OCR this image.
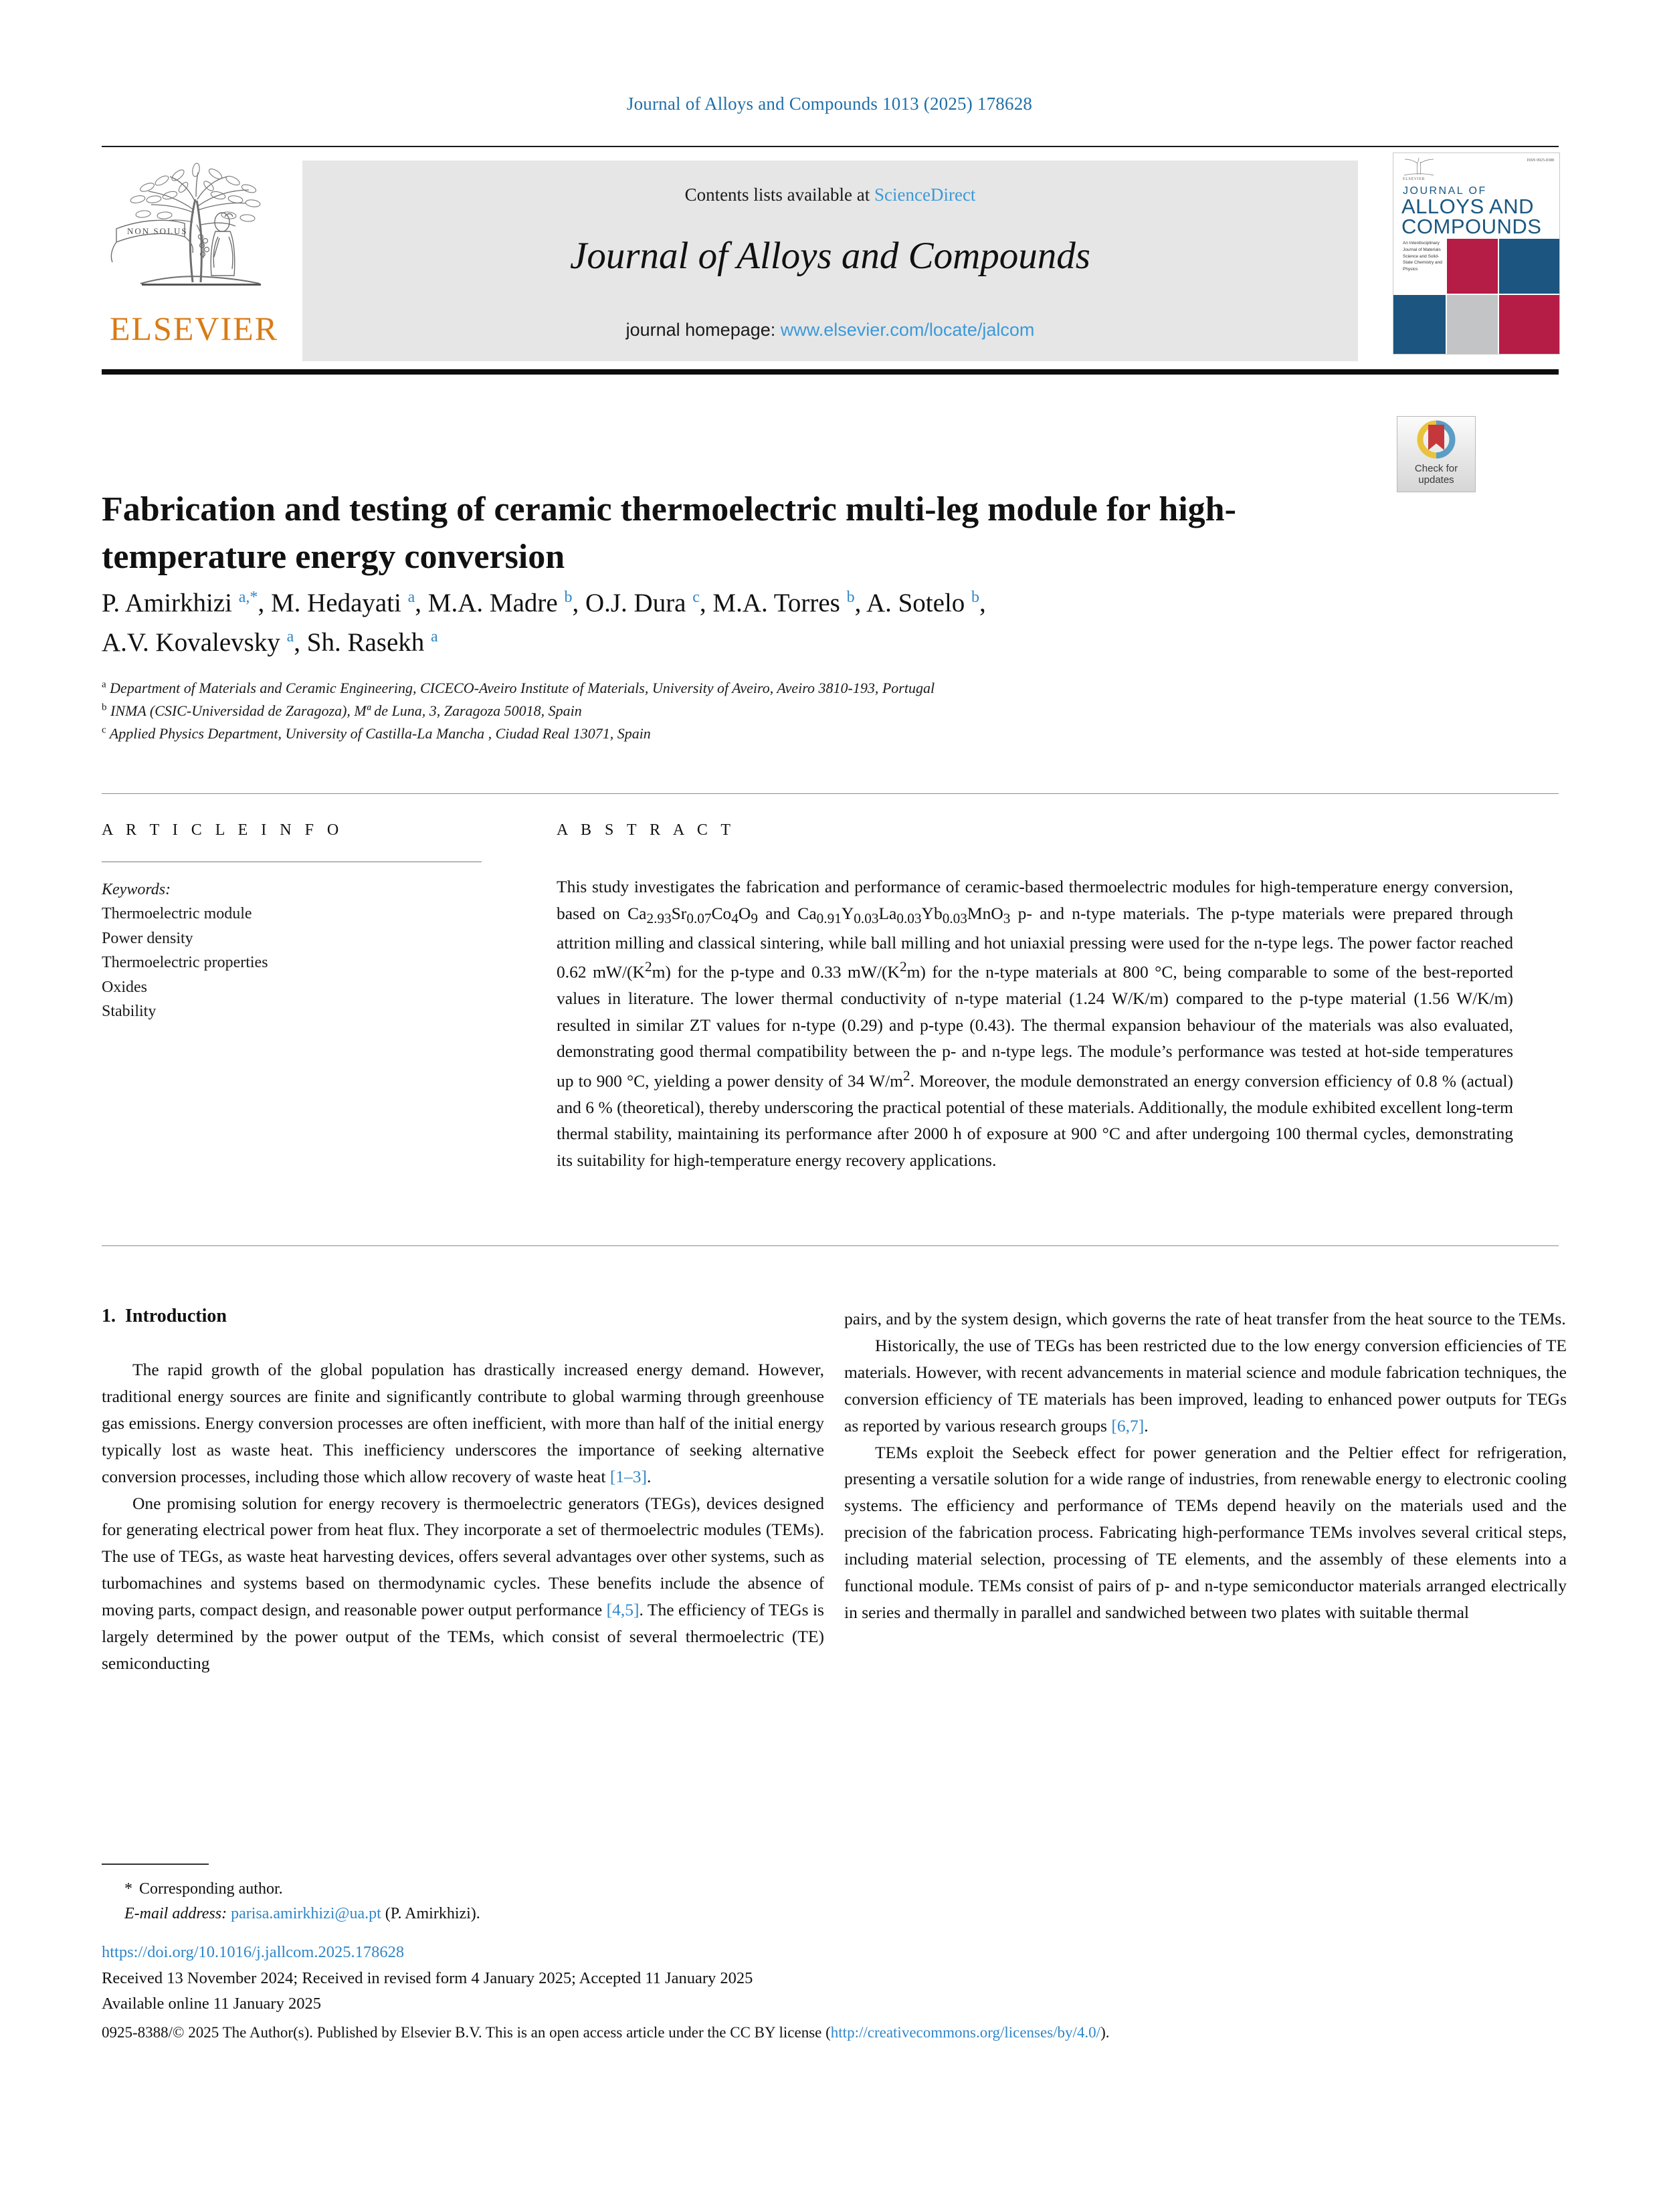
Journal of Alloys and Compounds 1013 (2025) 178628
NON SOLUS
ELSEVIER
Contents lists available at ScienceDirect
Journal of Alloys and Compounds
journal homepage: www.elsevier.com/locate/jalcom
ELSEVIER
ISSN 0925-8388
JOURNAL OF
ALLOYS AND
COMPOUNDS
An Interdisciplinary Journal of Materials Science and Solid-State Chemistry and Physics
Check for
updates
Fabrication and testing of ceramic thermoelectric multi-leg module for high-temperature energy conversion
P. Amirkhizi $^{a,*}$, M. Hedayati $^a$, M.A. Madre $^b$, O.J. Dura $^c$, M.A. Torres $^b$, A. Sotelo $^b$,
A.V. Kovalevsky $^a$, Sh. Rasekh $^a$
$^a$ Department of Materials and Ceramic Engineering, CICECO-Aveiro Institute of Materials, University of Aveiro, Aveiro 3810-193, Portugal
$^b$ INMA (CSIC-Universidad de Zaragoza), Mª de Luna, 3, Zaragoza 50018, Spain
$^c$ Applied Physics Department, University of Castilla-La Mancha , Ciudad Real 13071, Spain
A R T I C L E I N F O
Keywords:
Thermoelectric module
Power density
Thermoelectric properties
Oxides
Stability
A B S T R A C T
This study investigates the fabrication and performance of ceramic-based thermoelectric modules for high-temperature energy conversion, based on $Ca_{2.93}Sr_{0.07}Co_4O_9$ and $Ca_{0.91}Y_{0.03}La_{0.03}Yb_{0.03}MnO_3$ p- and n-type materials. The p-type materials were prepared through attrition milling and classical sintering, while ball milling and hot uniaxial pressing were used for the n-type legs. The power factor reached 0.62 $mW/(K^2m)$ for the p-type and 0.33 $mW/(K^2m)$ for the n-type materials at 800 °C, being comparable to some of the best-reported values in literature. The lower thermal conductivity of n-type material (1.24 W/K/m) compared to the p-type material (1.56 W/K/m) resulted in similar ZT values for n-type (0.29) and p-type (0.43). The thermal expansion behaviour of the materials was also evaluated, demonstrating good thermal compatibility between the p- and n-type legs. The module’s performance was tested at hot-side temperatures up to 900 °C, yielding a power density of 34 $W/m^2$. Moreover, the module demonstrated an energy conversion efficiency of 0.8 % (actual) and 6 % (theoretical), thereby underscoring the practical potential of these materials. Additionally, the module exhibited excellent long-term thermal stability, maintaining its performance after 2000 h of exposure at 900 °C and after undergoing 100 thermal cycles, demonstrating its suitability for high-temperature energy recovery applications.
1. Introduction

The rapid growth of the global population has drastically increased energy demand. However, traditional energy sources are finite and significantly contribute to global warming through greenhouse gas emissions. Energy conversion processes are often inefficient, with more than half of the initial energy typically lost as waste heat. This inefficiency underscores the importance of seeking alternative conversion processes, including those which allow recovery of waste heat [1–3].

One promising solution for energy recovery is thermoelectric generators (TEGs), devices designed for generating electrical power from heat flux. They incorporate a set of thermoelectric modules (TEMs). The use of TEGs, as waste heat harvesting devices, offers several advantages over other systems, such as turbomachines and systems based on thermodynamic cycles. These benefits include the absence of moving parts, compact design, and reasonable power output performance [4,5]. The efficiency of TEGs is largely determined by the power output of the TEMs, which consist of several thermoelectric (TE) semiconducting

pairs, and by the system design, which governs the rate of heat transfer from the heat source to the TEMs.

Historically, the use of TEGs has been restricted due to the low energy conversion efficiencies of TE materials. However, with recent advancements in material science and module fabrication techniques, the conversion efficiency of TE materials has been improved, leading to enhanced power outputs for TEGs as reported by various research groups [6,7].

TEMs exploit the Seebeck effect for power generation and the Peltier effect for refrigeration, presenting a versatile solution for a wide range of industries, from renewable energy to electronic cooling systems. The efficiency and performance of TEMs depend heavily on the materials used and the precision of the fabrication process. Fabricating high-performance TEMs involves several critical steps, including material selection, processing of TE elements, and the assembly of these elements into a functional module. TEMs consist of pairs of p- and n-type semiconductor materials arranged electrically in series and thermally in parallel and sandwiched between two plates with suitable thermal

* Corresponding author.
E-mail address: parisa.amirkhizi@ua.pt (P. Amirkhizi).
https://doi.org/10.1016/j.jallcom.2025.178628
Received 13 November 2024; Received in revised form 4 January 2025; Accepted 11 January 2025
Available online 11 January 2025
0925-8388/© 2025 The Author(s). Published by Elsevier B.V. This is an open access article under the CC BY license (http://creativecommons.org/licenses/by/4.0/).
